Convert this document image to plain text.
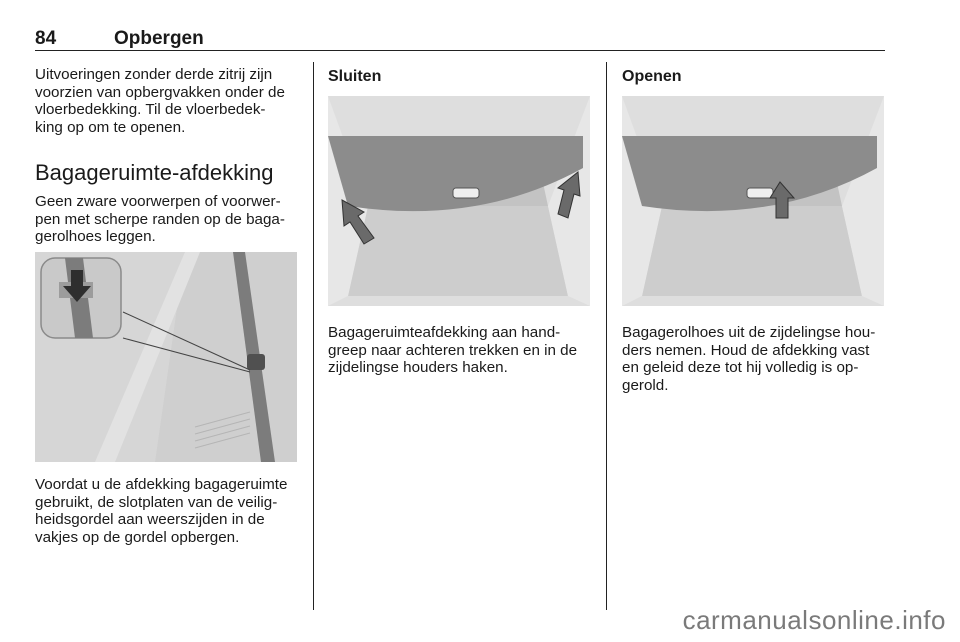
84	Opbergen

Uitvoeringen zonder derde zitrij zijn
voorzien van opbergvakken onder de
vloerbedekking. Til de vloerbedek-
king op om te openen.

Bagageruimte-afdekking

Geen zware voorwerpen of voorwer-
pen met scherpe randen op de baga-
gerolhoes leggen.

Voordat u de afdekking bagageruimte
gebruikt, de slotplaten van de veilig-
heidsgordel aan weerszijden in de
vakjes op de gordel opbergen.

Sluiten

Bagageruimteafdekking aan hand-
greep naar achteren trekken en in de
zijdelingse houders haken.

Openen

Bagagerolhoes uit de zijdelingse hou-
ders nemen. Houd de afdekking vast
en geleid deze tot hij volledig is op-
gerold.

carmanualsonline.info
